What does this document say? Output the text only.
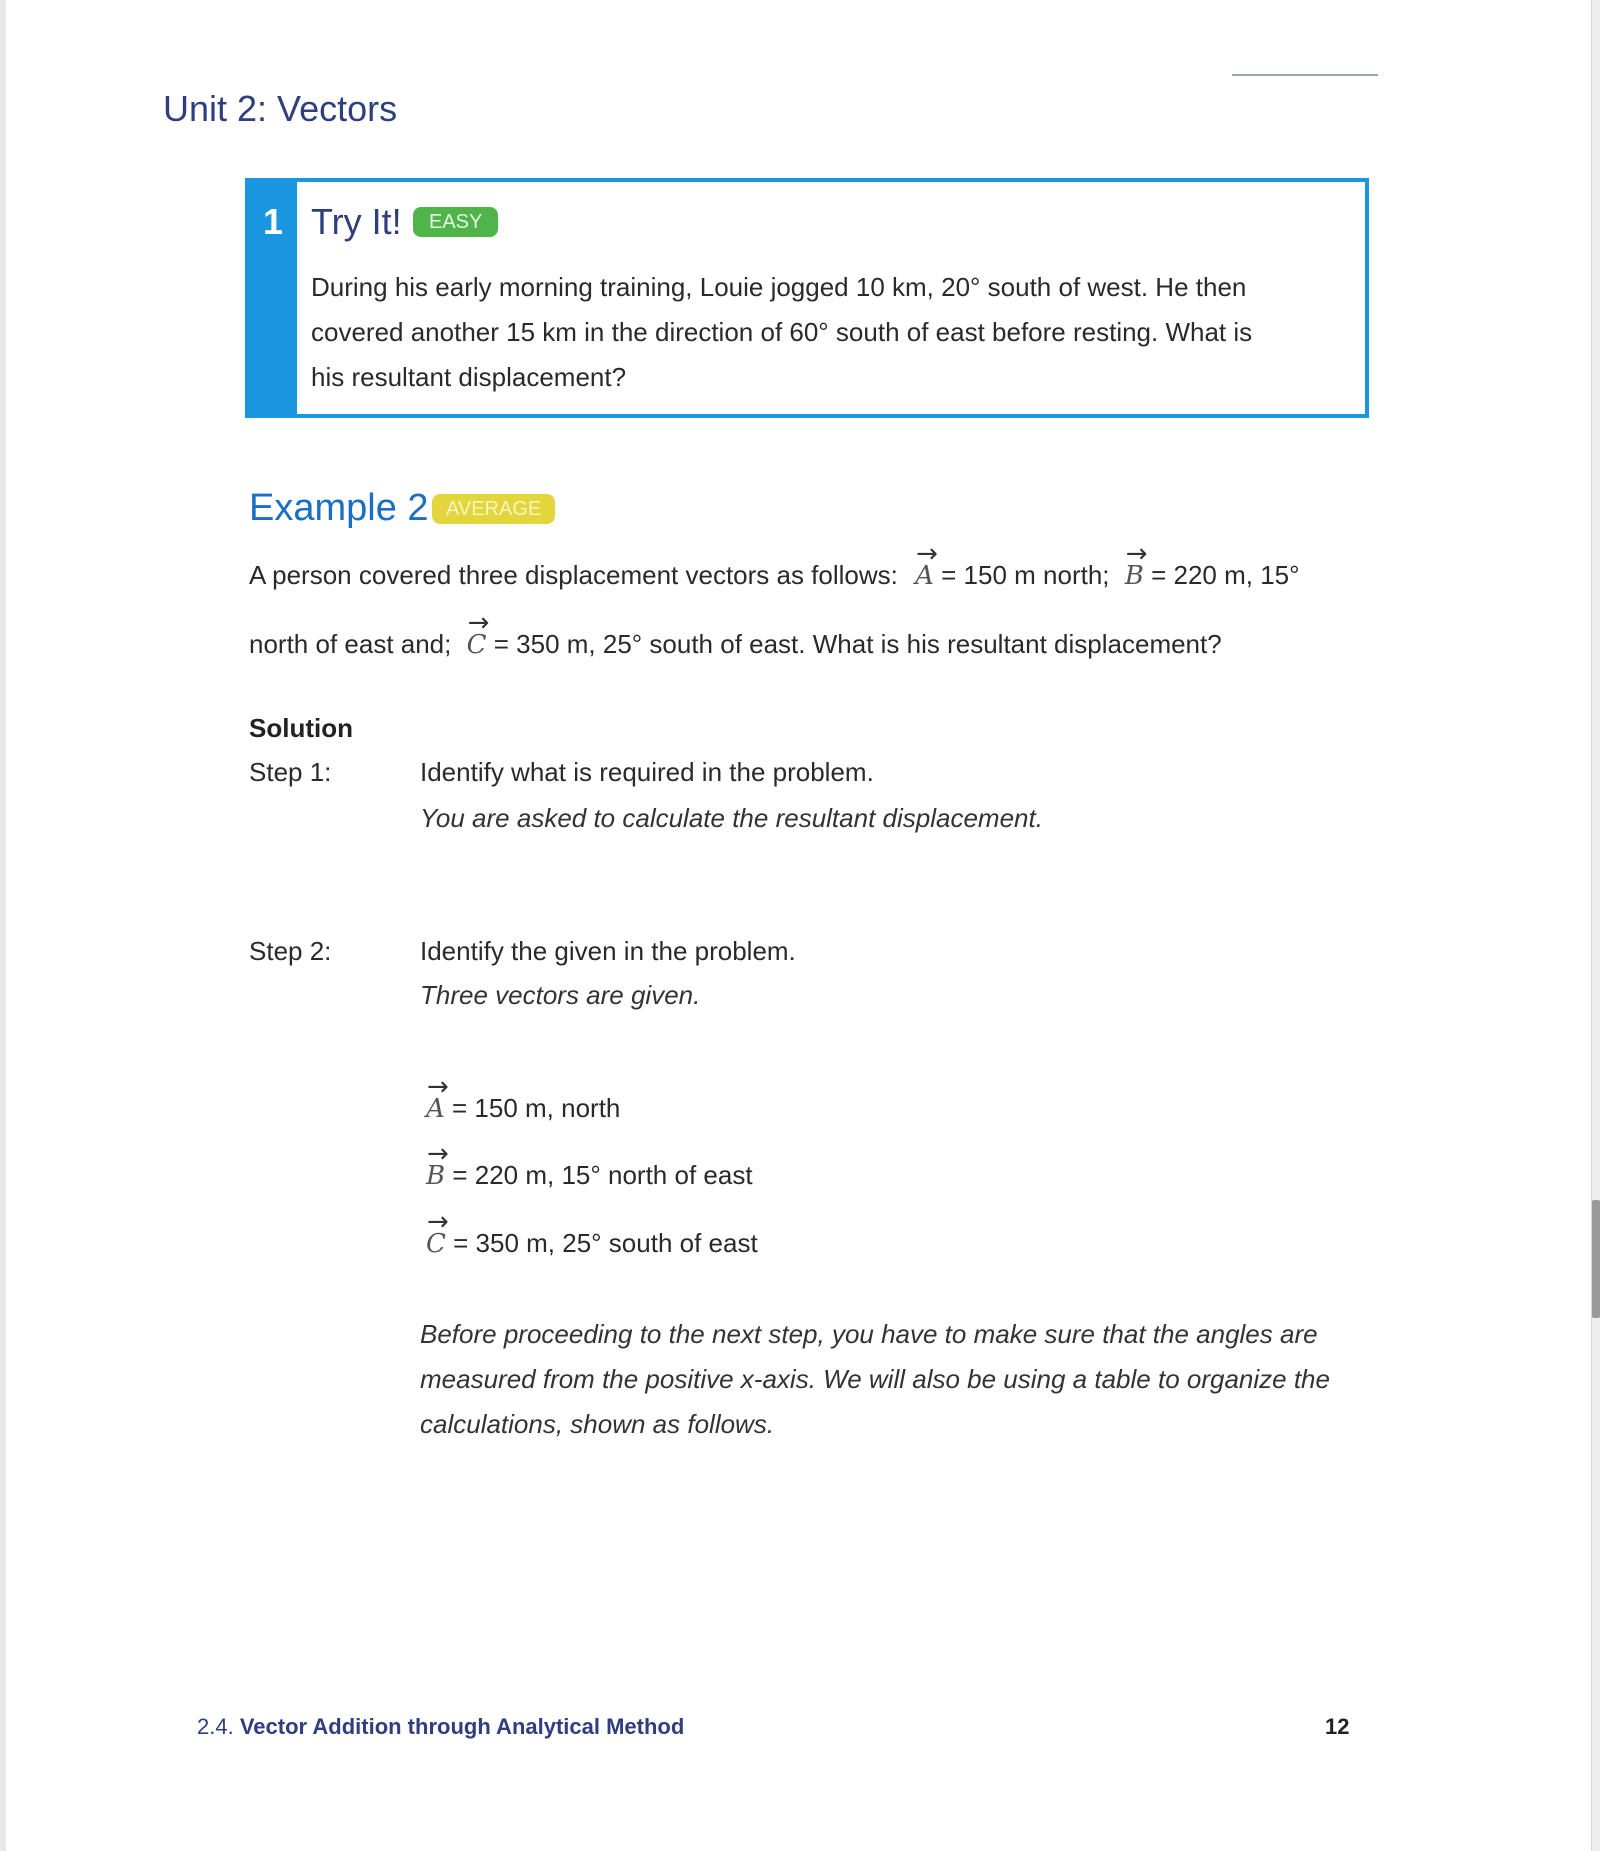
Unit 2: Vectors
1 Try It!	EASY
During his early morning training, Louie jogged 10 km, 20° south of west. He then
covered another 15 km in the direction of 60° south of east before resting. What is
his resultant displacement?
Example 2 AVERAGE
A person covered three displacement vectors as follows:
→
A = 150 m north;
→
B = 220 m, 15°
north of east and;
→
C = 350 m, 25° south of east. What is his resultant displacement?
Solution
Step 1:	Identify what is required in the problem.
You are asked to calculate the resultant displacement.
Step 2:	Identify the given in the problem.
Three vectors are given.
→
A = 150 m, north
→
B = 220 m, 15° north of east
→
C = 350 m, 25° south of east
Before proceeding to the next step, you have to make sure that the angles are
measured from the positive x-axis. We will also be using a table to organize the
calculations, shown as follows.
2.4. Vector Addition through Analytical Method	12
